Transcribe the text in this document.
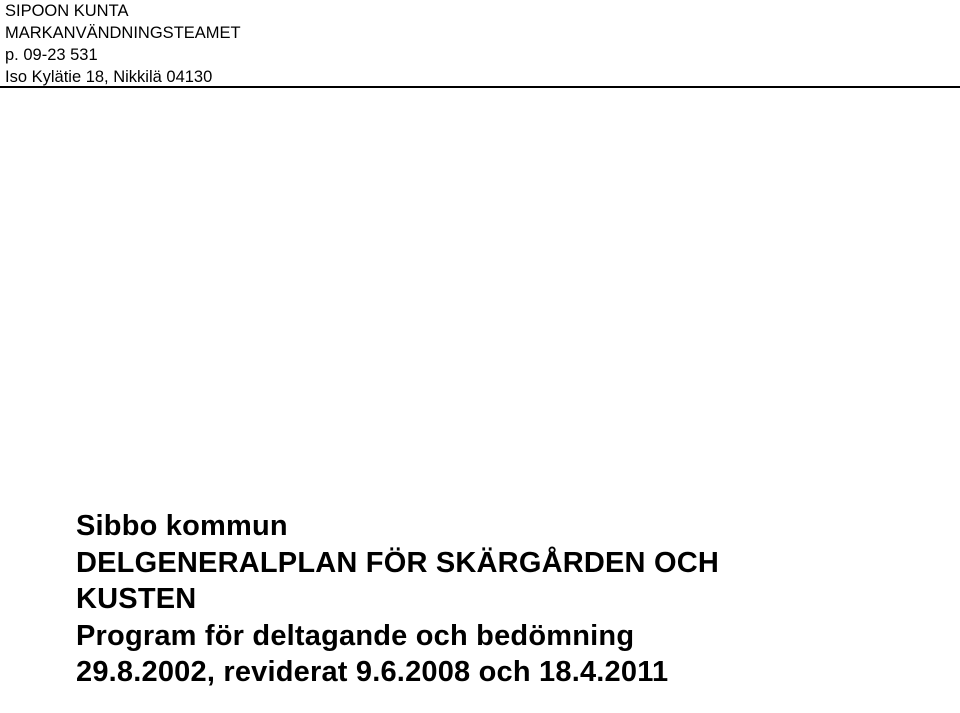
SIPOON KUNTA

MARKANVÄNDNINGSTEAMET

p. 09-23 531

Iso Kylätie 18, Nikkilä 04130

Sibbo kommun

DELGENERALPLAN FÖR SKÄRGÅRDEN OCH

KUSTEN

Program för deltagande och bedömning

29.8.2002, reviderat 9.6.2008 och 18.4.2011
